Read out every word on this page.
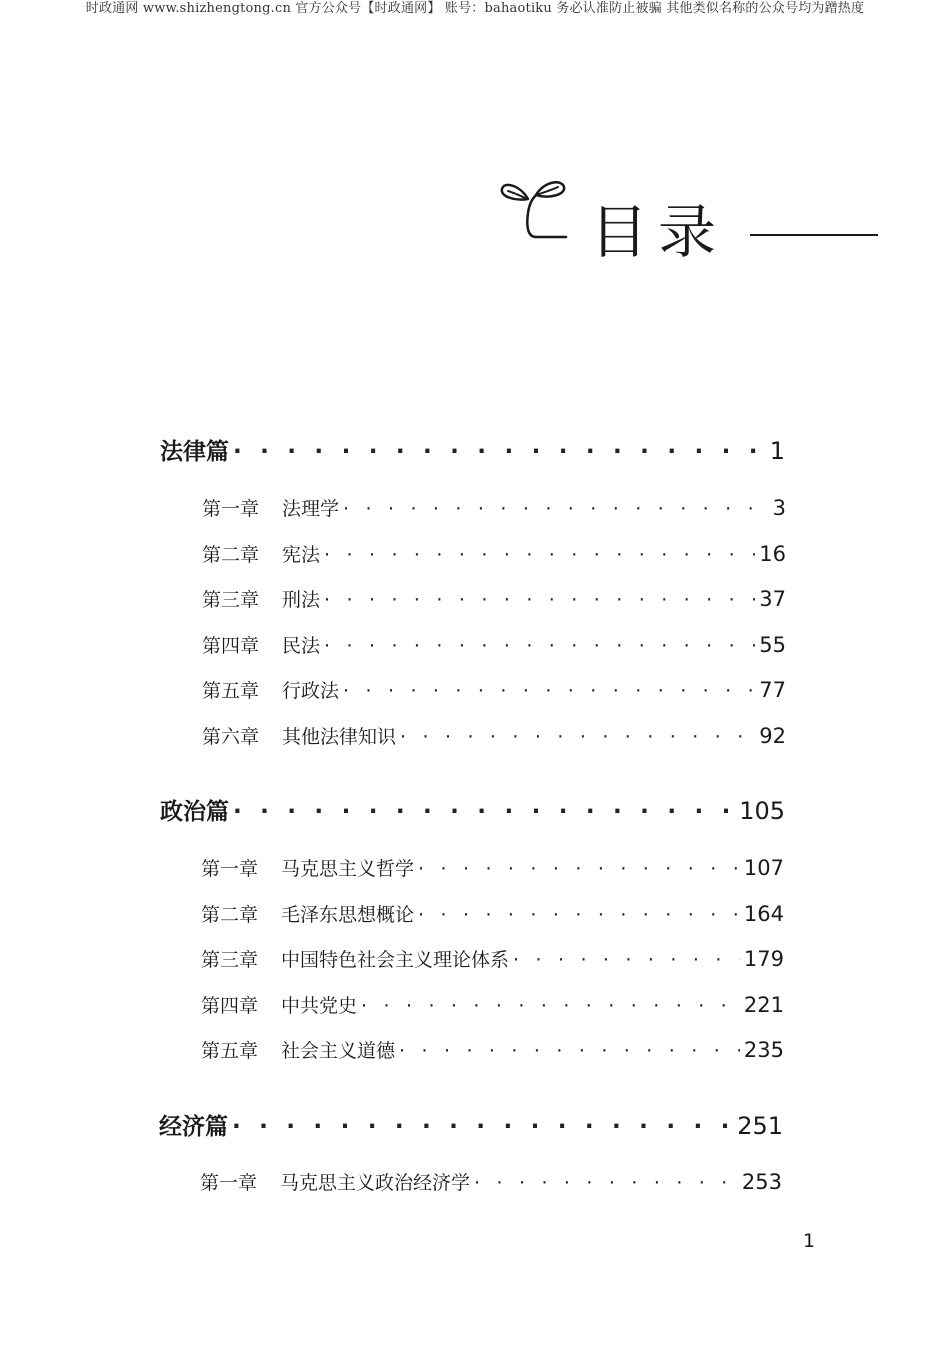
时政通网 www.shizhengtong.cn 官方公众号【时政通网】 账号：bahaotiku 务必认准防止被骗 其他类似名称的公众号均为蹭热度
目录
法律篇 · · ·	1
第一章	法理学 · · ·	3
第二章	宪法 · · ·	16
第三章	刑法 · · ·	37
第四章	民法 · · ·	55
第五章	行政法 · · ·	77
第六章	其他法律知识 · · ·	92
政治篇 · · ·	105
第一章	马克思主义哲学 · · ·	107
第二章	毛泽东思想概论 · · ·	164
第三章	中国特色社会主义理论体系 · · ·	179
第四章	中共党史 · · ·	221
第五章	社会主义道德 · · ·	235
经济篇 · · ·	251
第一章	马克思主义政治经济学 · · ·	253
1
